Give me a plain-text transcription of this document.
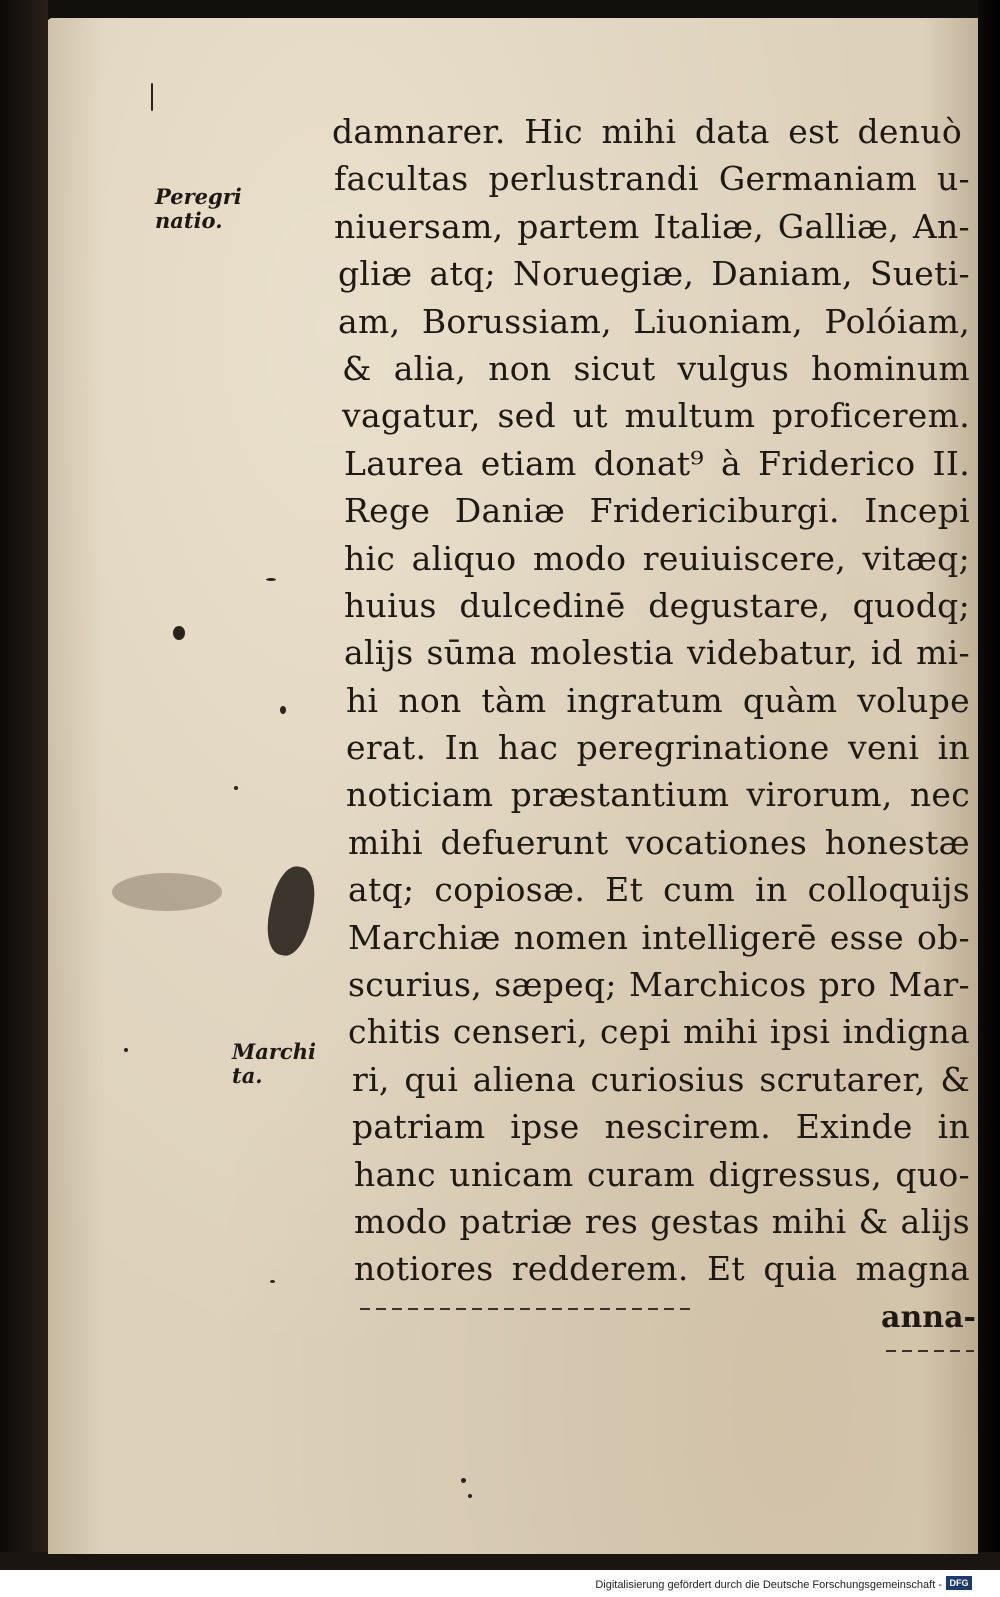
Peregri
natio.
Marchi
ta.
damnarer. Hic mihi data est denuò
facultas perlustrandi Germaniam u-
niuersam, partem Italiæ, Galliæ, An-
gliæ atq; Noruegiæ, Daniam, Sueti-
am, Borussiam, Liuoniam, Polóiam,
& alia, non sicut vulgus hominum
vagatur, sed ut multum proficerem.
Laurea etiam donat⁹ à Friderico II.
Rege Daniæ Fridericiburgi. Incepi
hic aliquo modo reuiuiscere, vitæq;
huius dulcedinē degustare, quodq;
alijs sūma molestia videbatur, id mi-
hi non tàm ingratum quàm volupe
erat. In hac peregrinatione veni in
noticiam præstantium virorum, nec
mihi defuerunt vocationes honestæ
atq; copiosæ. Et cum in colloquijs
Marchiæ nomen intelligerē esse ob-
scurius, sæpeq; Marchicos pro Mar-
chitis censeri, cepi mihi ipsi indigna
ri, qui aliena curiosius scrutarer, &
patriam ipse nescirem. Exinde in
hanc unicam curam digressus, quo-
modo patriæ res gestas mihi & alijs
notiores redderem. Et quia magna
anna-
Digitalisierung gefördert durch die Deutsche Forschungsgemeinschaft - DFG
